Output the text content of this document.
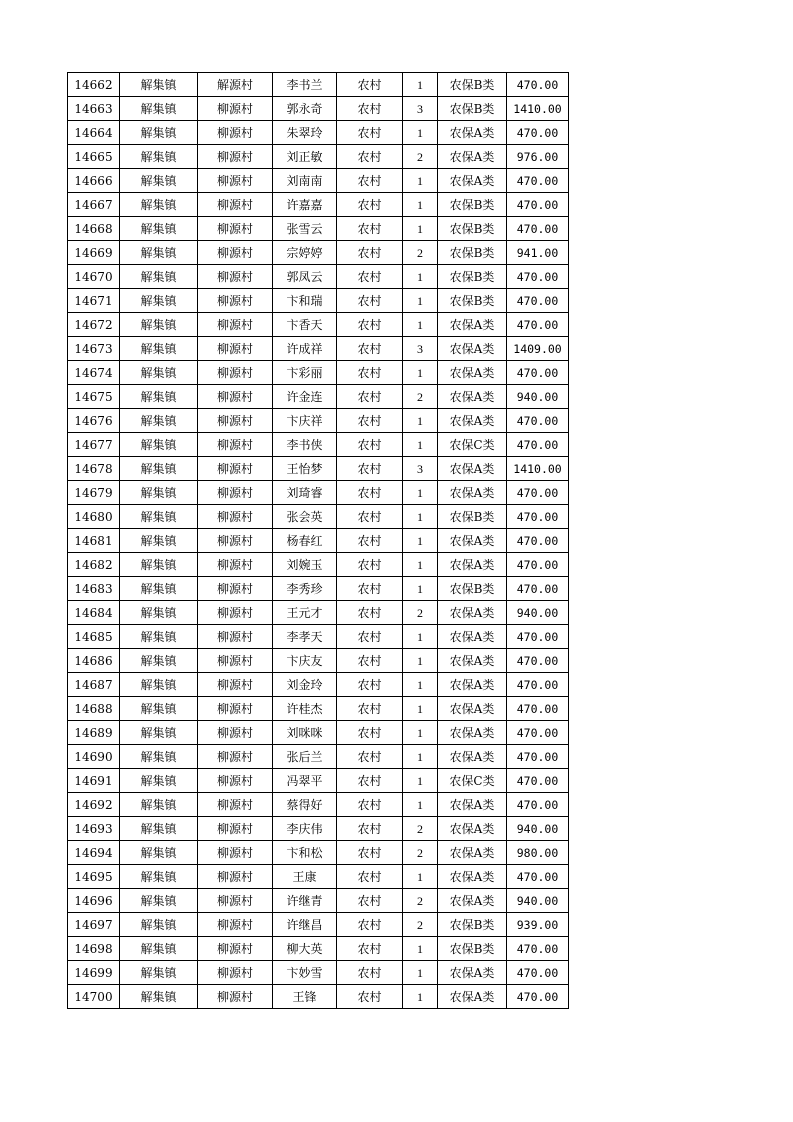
14662	解集镇	解源村	李书兰	农村	1	农保B类	470.00
14663	解集镇	柳源村	郭永奇	农村	3	农保B类	1410.00
14664	解集镇	柳源村	朱翠玲	农村	1	农保A类	470.00
14665	解集镇	柳源村	刘正敏	农村	2	农保A类	976.00
14666	解集镇	柳源村	刘南南	农村	1	农保A类	470.00
14667	解集镇	柳源村	许嘉嘉	农村	1	农保B类	470.00
14668	解集镇	柳源村	张雪云	农村	1	农保B类	470.00
14669	解集镇	柳源村	宗婷婷	农村	2	农保B类	941.00
14670	解集镇	柳源村	郭凤云	农村	1	农保B类	470.00
14671	解集镇	柳源村	卞和瑞	农村	1	农保B类	470.00
14672	解集镇	柳源村	卞香天	农村	1	农保A类	470.00
14673	解集镇	柳源村	许成祥	农村	3	农保A类	1409.00
14674	解集镇	柳源村	卞彩丽	农村	1	农保A类	470.00
14675	解集镇	柳源村	许金连	农村	2	农保A类	940.00
14676	解集镇	柳源村	卞庆祥	农村	1	农保A类	470.00
14677	解集镇	柳源村	李书侠	农村	1	农保C类	470.00
14678	解集镇	柳源村	王怡梦	农村	3	农保A类	1410.00
14679	解集镇	柳源村	刘琦睿	农村	1	农保A类	470.00
14680	解集镇	柳源村	张会英	农村	1	农保B类	470.00
14681	解集镇	柳源村	杨春红	农村	1	农保A类	470.00
14682	解集镇	柳源村	刘婉玉	农村	1	农保A类	470.00
14683	解集镇	柳源村	李秀珍	农村	1	农保B类	470.00
14684	解集镇	柳源村	王元才	农村	2	农保A类	940.00
14685	解集镇	柳源村	李孝天	农村	1	农保A类	470.00
14686	解集镇	柳源村	卞庆友	农村	1	农保A类	470.00
14687	解集镇	柳源村	刘金玲	农村	1	农保A类	470.00
14688	解集镇	柳源村	许桂杰	农村	1	农保A类	470.00
14689	解集镇	柳源村	刘咪咪	农村	1	农保A类	470.00
14690	解集镇	柳源村	张后兰	农村	1	农保A类	470.00
14691	解集镇	柳源村	冯翠平	农村	1	农保C类	470.00
14692	解集镇	柳源村	蔡得好	农村	1	农保A类	470.00
14693	解集镇	柳源村	李庆伟	农村	2	农保A类	940.00
14694	解集镇	柳源村	卞和松	农村	2	农保A类	980.00
14695	解集镇	柳源村	王康	农村	1	农保A类	470.00
14696	解集镇	柳源村	许继青	农村	2	农保A类	940.00
14697	解集镇	柳源村	许继昌	农村	2	农保B类	939.00
14698	解集镇	柳源村	柳大英	农村	1	农保B类	470.00
14699	解集镇	柳源村	卞妙雪	农村	1	农保A类	470.00
14700	解集镇	柳源村	王锋	农村	1	农保A类	470.00
